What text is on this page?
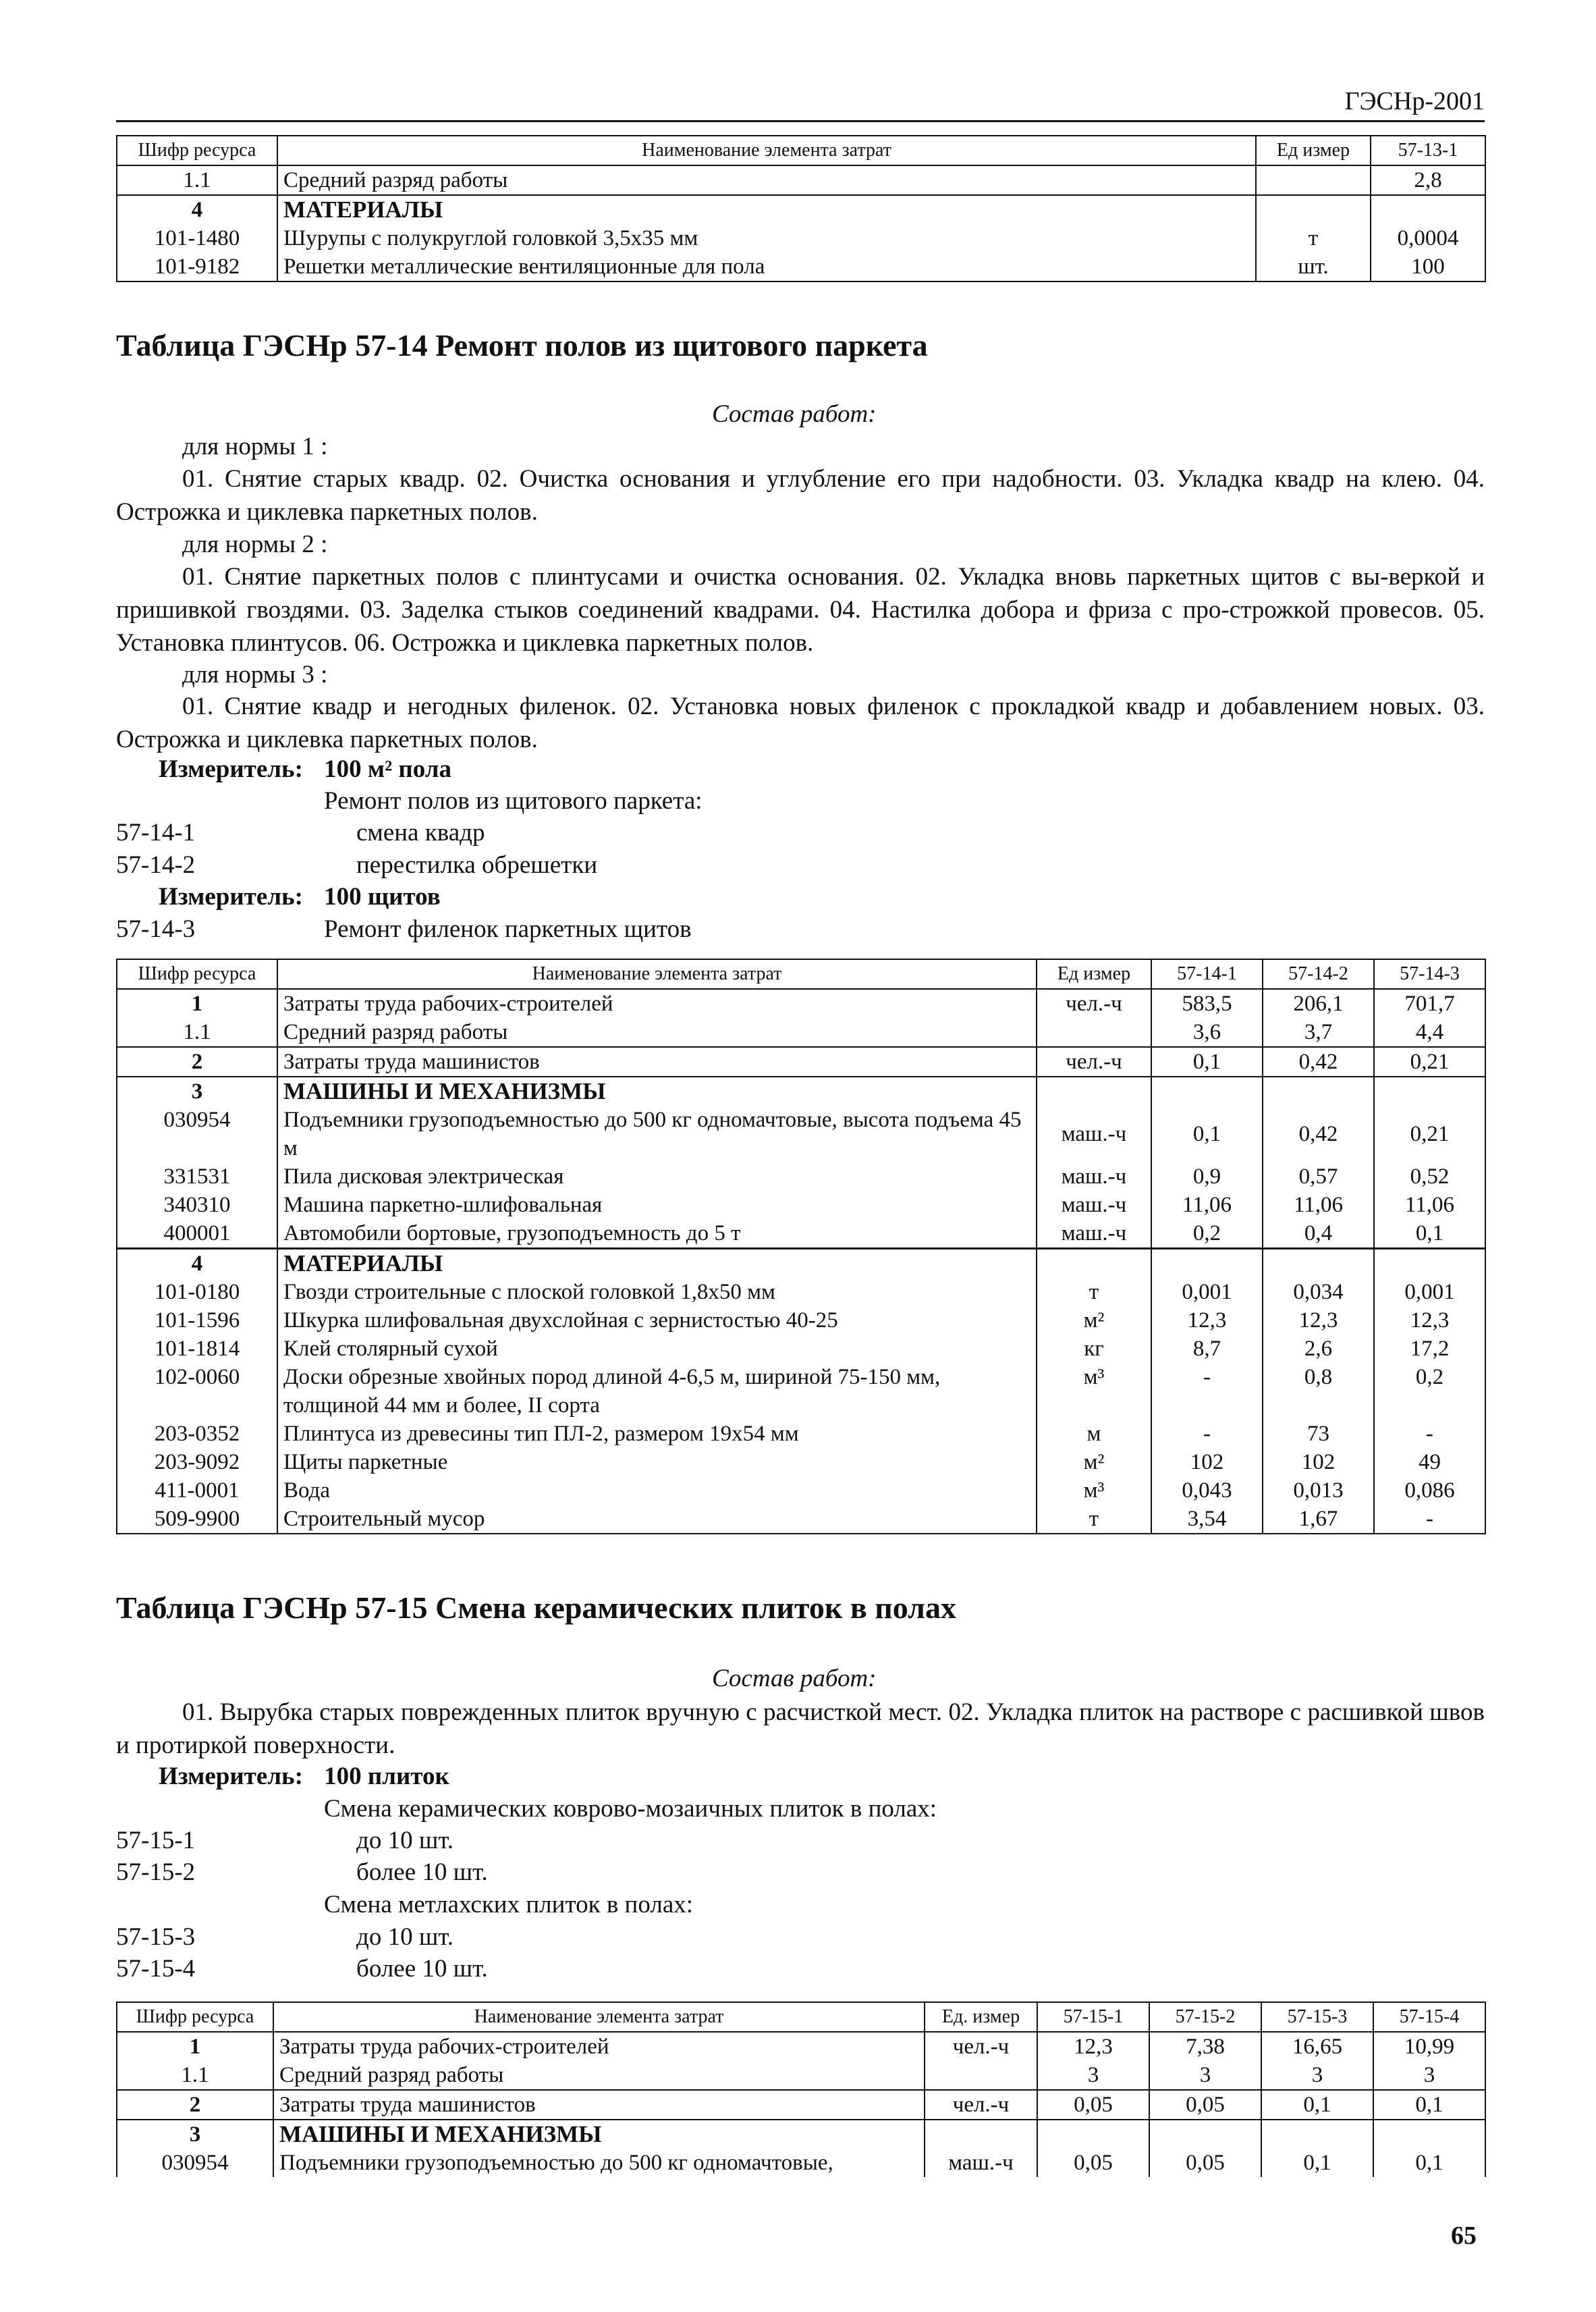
ГЭСНр-2001
Шифр ресурса	Наименование элемента затрат	Ед измер	57-13-1
1.1	Средний разряд работы		2,8
4	МАТЕРИАЛЫ		
101-1480	Шурупы с полукруглой головкой 3,5х35 мм	т	0,0004
101-9182	Решетки металлические вентиляционные для пола	шт.	100
Таблица ГЭСНр 57-14 Ремонт полов из щитового паркета
Состав работ:
для нормы 1 :
01. Снятие старых квадр. 02. Очистка основания и углубление его при надобности. 03. Укладка квадр на клею. 04. Острожка и циклевка паркетных полов.
для нормы 2 :
01. Снятие паркетных полов с плинтусами и очистка основания. 02. Укладка вновь паркетных щитов с вы-веркой и пришивкой гвоздями. 03. Заделка стыков соединений квадрами. 04. Настилка добора и фриза с про-строжкой провесов. 05. Установка плинтусов. 06. Острожка и циклевка паркетных полов.
для нормы 3 :
01. Снятие квадр и негодных филенок. 02. Установка новых филенок с прокладкой квадр и добавлением новых. 03. Острожка и циклевка паркетных полов.
Измеритель: 100 м² пола
Ремонт полов из щитового паркета:
57-14-1	смена квадр
57-14-2	перестилка обрешетки
Измеритель: 100 щитов
57-14-3	Ремонт филенок паркетных щитов
Шифр ресурса	Наименование элемента затрат	Ед измер	57-14-1	57-14-2	57-14-3
1	Затраты труда рабочих-строителей	чел.-ч	583,5	206,1	701,7
1.1	Средний разряд работы		3,6	3,7	4,4
2	Затраты труда машинистов	чел.-ч	0,1	0,42	0,21
3	МАШИНЫ И МЕХАНИЗМЫ				
030954	Подъемники грузоподъемностью до 500 кг одномачтовые, высота подъема 45 м	маш.-ч	0,1	0,42	0,21
331531	Пила дисковая электрическая	маш.-ч	0,9	0,57	0,52
340310	Машина паркетно-шлифовальная	маш.-ч	11,06	11,06	11,06
400001	Автомобили бортовые, грузоподъемность до 5 т	маш.-ч	0,2	0,4	0,1
4	МАТЕРИАЛЫ				
101-0180	Гвозди строительные с плоской головкой 1,8х50 мм	т	0,001	0,034	0,001
101-1596	Шкурка шлифовальная двухслойная с зернистостью 40-25	м²	12,3	12,3	12,3
101-1814	Клей столярный сухой	кг	8,7	2,6	17,2
102-0060	Доски обрезные хвойных пород длиной 4-6,5 м, шириной 75-150 мм, толщиной 44 мм и более, II сорта	м³	-	0,8	0,2
203-0352	Плинтуса из древесины тип ПЛ-2, размером 19х54 мм	м	-	73	-
203-9092	Щиты паркетные	м²	102	102	49
411-0001	Вода	м³	0,043	0,013	0,086
509-9900	Строительный мусор	т	3,54	1,67	-
Таблица ГЭСНр 57-15 Смена керамических плиток в полах
Состав работ:
01. Вырубка старых поврежденных плиток вручную с расчисткой мест. 02. Укладка плиток на растворе с расшивкой швов и протиркой поверхности.
Измеритель: 100 плиток
Смена керамических коврово-мозаичных плиток в полах:
57-15-1	до 10 шт.
57-15-2	более 10 шт.
Смена метлахских плиток в полах:
57-15-3	до 10 шт.
57-15-4	более 10 шт.
Шифр ресурса	Наименование элемента затрат	Ед. измер	57-15-1	57-15-2	57-15-3	57-15-4
1	Затраты труда рабочих-строителей	чел.-ч	12,3	7,38	16,65	10,99
1.1	Средний разряд работы		3	3	3	3
2	Затраты труда машинистов	чел.-ч	0,05	0,05	0,1	0,1
3	МАШИНЫ И МЕХАНИЗМЫ					
030954	Подъемники грузоподъемностью до 500 кг одномачтовые,	маш.-ч	0,05	0,05	0,1	0,1
65
